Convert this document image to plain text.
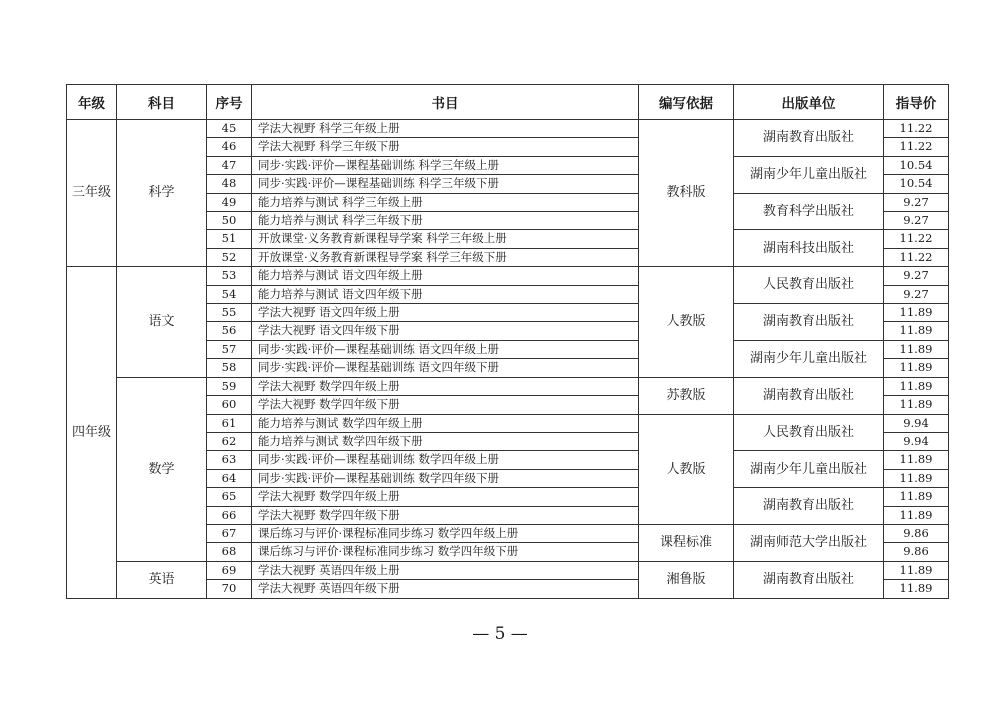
年级	科目	序号	书目	编写依据	出版单位	指导价
三年级	科学	45	学法大视野 科学三年级上册	教科版	湖南教育出版社	11.22
		46	学法大视野 科学三年级下册			11.22
		47	同步·实践·评价—课程基础训练 科学三年级上册		湖南少年儿童出版社	10.54
		48	同步·实践·评价—课程基础训练 科学三年级下册			10.54
		49	能力培养与测试 科学三年级上册		教育科学出版社	9.27
		50	能力培养与测试 科学三年级下册			9.27
		51	开放课堂·义务教育新课程导学案 科学三年级上册		湖南科技出版社	11.22
		52	开放课堂·义务教育新课程导学案 科学三年级下册			11.22
四年级	语文	53	能力培养与测试 语文四年级上册	人教版	人民教育出版社	9.27
		54	能力培养与测试 语文四年级下册			9.27
		55	学法大视野 语文四年级上册		湖南教育出版社	11.89
		56	学法大视野 语文四年级下册			11.89
		57	同步·实践·评价—课程基础训练 语文四年级上册		湖南少年儿童出版社	11.89
		58	同步·实践·评价—课程基础训练 语文四年级下册			11.89
	数学	59	学法大视野 数学四年级上册	苏教版	湖南教育出版社	11.89
		60	学法大视野 数学四年级下册			11.89
		61	能力培养与测试 数学四年级上册	人教版	人民教育出版社	9.94
		62	能力培养与测试 数学四年级下册			9.94
		63	同步·实践·评价—课程基础训练 数学四年级上册		湖南少年儿童出版社	11.89
		64	同步·实践·评价—课程基础训练 数学四年级下册			11.89
		65	学法大视野 数学四年级上册		湖南教育出版社	11.89
		66	学法大视野 数学四年级下册			11.89
		67	课后练习与评价·课程标准同步练习 数学四年级上册	课程标准	湖南师范大学出版社	9.86
		68	课后练习与评价·课程标准同步练习 数学四年级下册			9.86
	英语	69	学法大视野 英语四年级上册	湘鲁版	湖南教育出版社	11.89
		70	学法大视野 英语四年级下册			11.89
— 5 —
